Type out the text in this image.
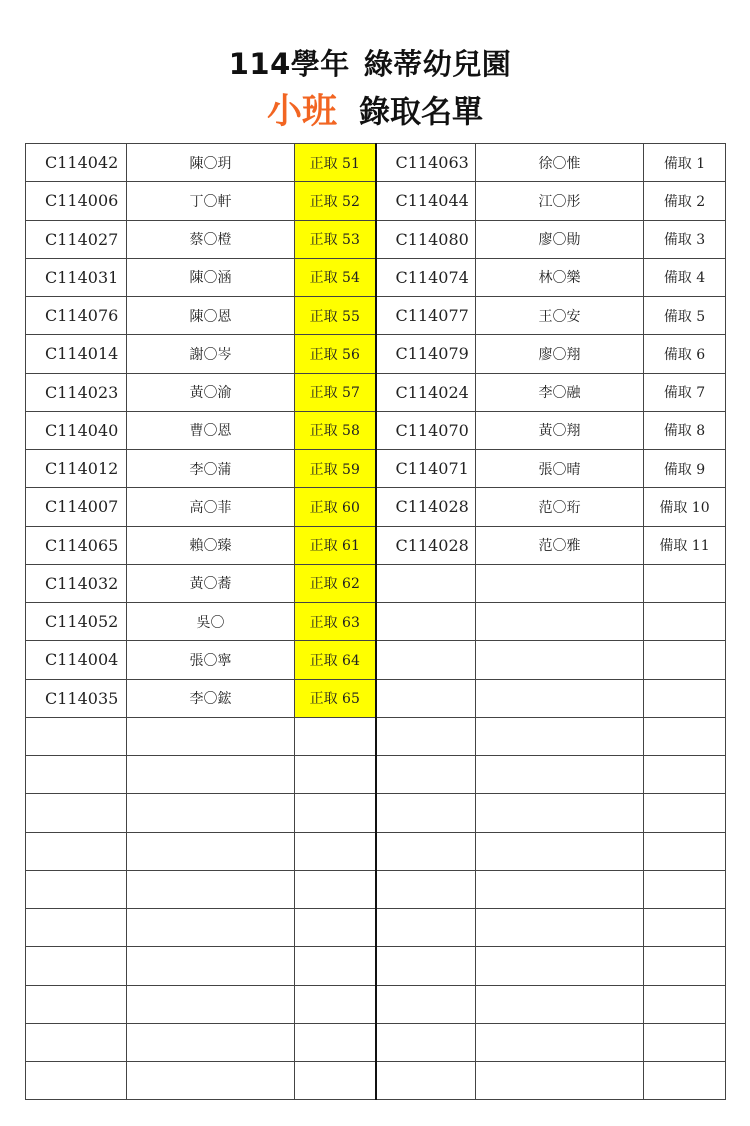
114學年 綠蒂幼兒園
小班 錄取名單
C114042	陳〇玥	正取 51	C114063	徐〇惟	備取 1
C114006	丁〇軒	正取 52	C114044	江〇彤	備取 2
C114027	蔡〇橙	正取 53	C114080	廖〇勛	備取 3
C114031	陳〇涵	正取 54	C114074	林〇樂	備取 4
C114076	陳〇恩	正取 55	C114077	王〇安	備取 5
C114014	謝〇岑	正取 56	C114079	廖〇翔	備取 6
C114023	黃〇渝	正取 57	C114024	李〇融	備取 7
C114040	曹〇恩	正取 58	C114070	黃〇翔	備取 8
C114012	李〇蒲	正取 59	C114071	張〇晴	備取 9
C114007	高〇菲	正取 60	C114028	范〇珩	備取 10
C114065	賴〇臻	正取 61	C114028	范〇雅	備取 11
C114032	黃〇蕎	正取 62			
C114052	吳〇	正取 63			
C114004	張〇寧	正取 64			
C114035	李〇鋐	正取 65			
